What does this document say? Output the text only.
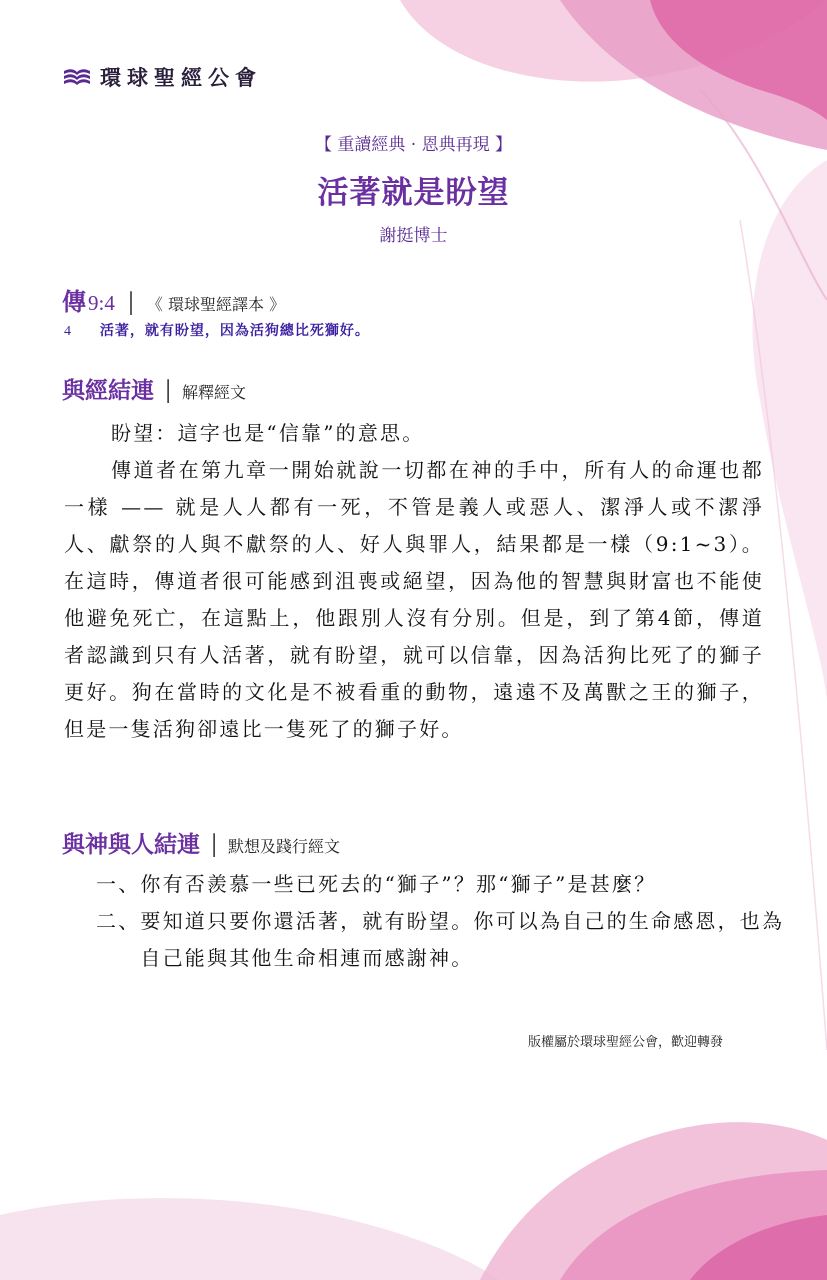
環球聖經公會
【 重讀經典 · 恩典再現 】
活著就是盼望
謝挺博士
傳 9:4 │ 《 環球聖經譯本 》
4 活著，就有盼望，因為活狗總比死獅好。
與經結連 │ 解釋經文

盼望：這字也是“信靠”的意思。

傳道者在第九章一開始就說一切都在神的手中，所有人的命運也都一樣 —— 就是人人都有一死，不管是義人或惡人、潔淨人或不潔淨人、獻祭的人與不獻祭的人、好人與罪人，結果都是一樣（9:1~3）。在這時，傳道者很可能感到沮喪或絕望，因為他的智慧與財富也不能使他避免死亡，在這點上，他跟別人沒有分別。但是，到了第4節，傳道者認識到只有人活著，就有盼望，就可以信靠，因為活狗比死了的獅子更好。狗在當時的文化是不被看重的動物，遠遠不及萬獸之王的獅子，但是一隻活狗卻遠比一隻死了的獅子好。

與神與人結連 │ 默想及踐行經文
一、 你有否羨慕一些已死去的“獅子”？那“獅子”是甚麼？
二、 要知道只要你還活著，就有盼望。你可以為自己的生命感恩，也為自己能與其他生命相連而感謝神。
版權屬於環球聖經公會，歡迎轉發
